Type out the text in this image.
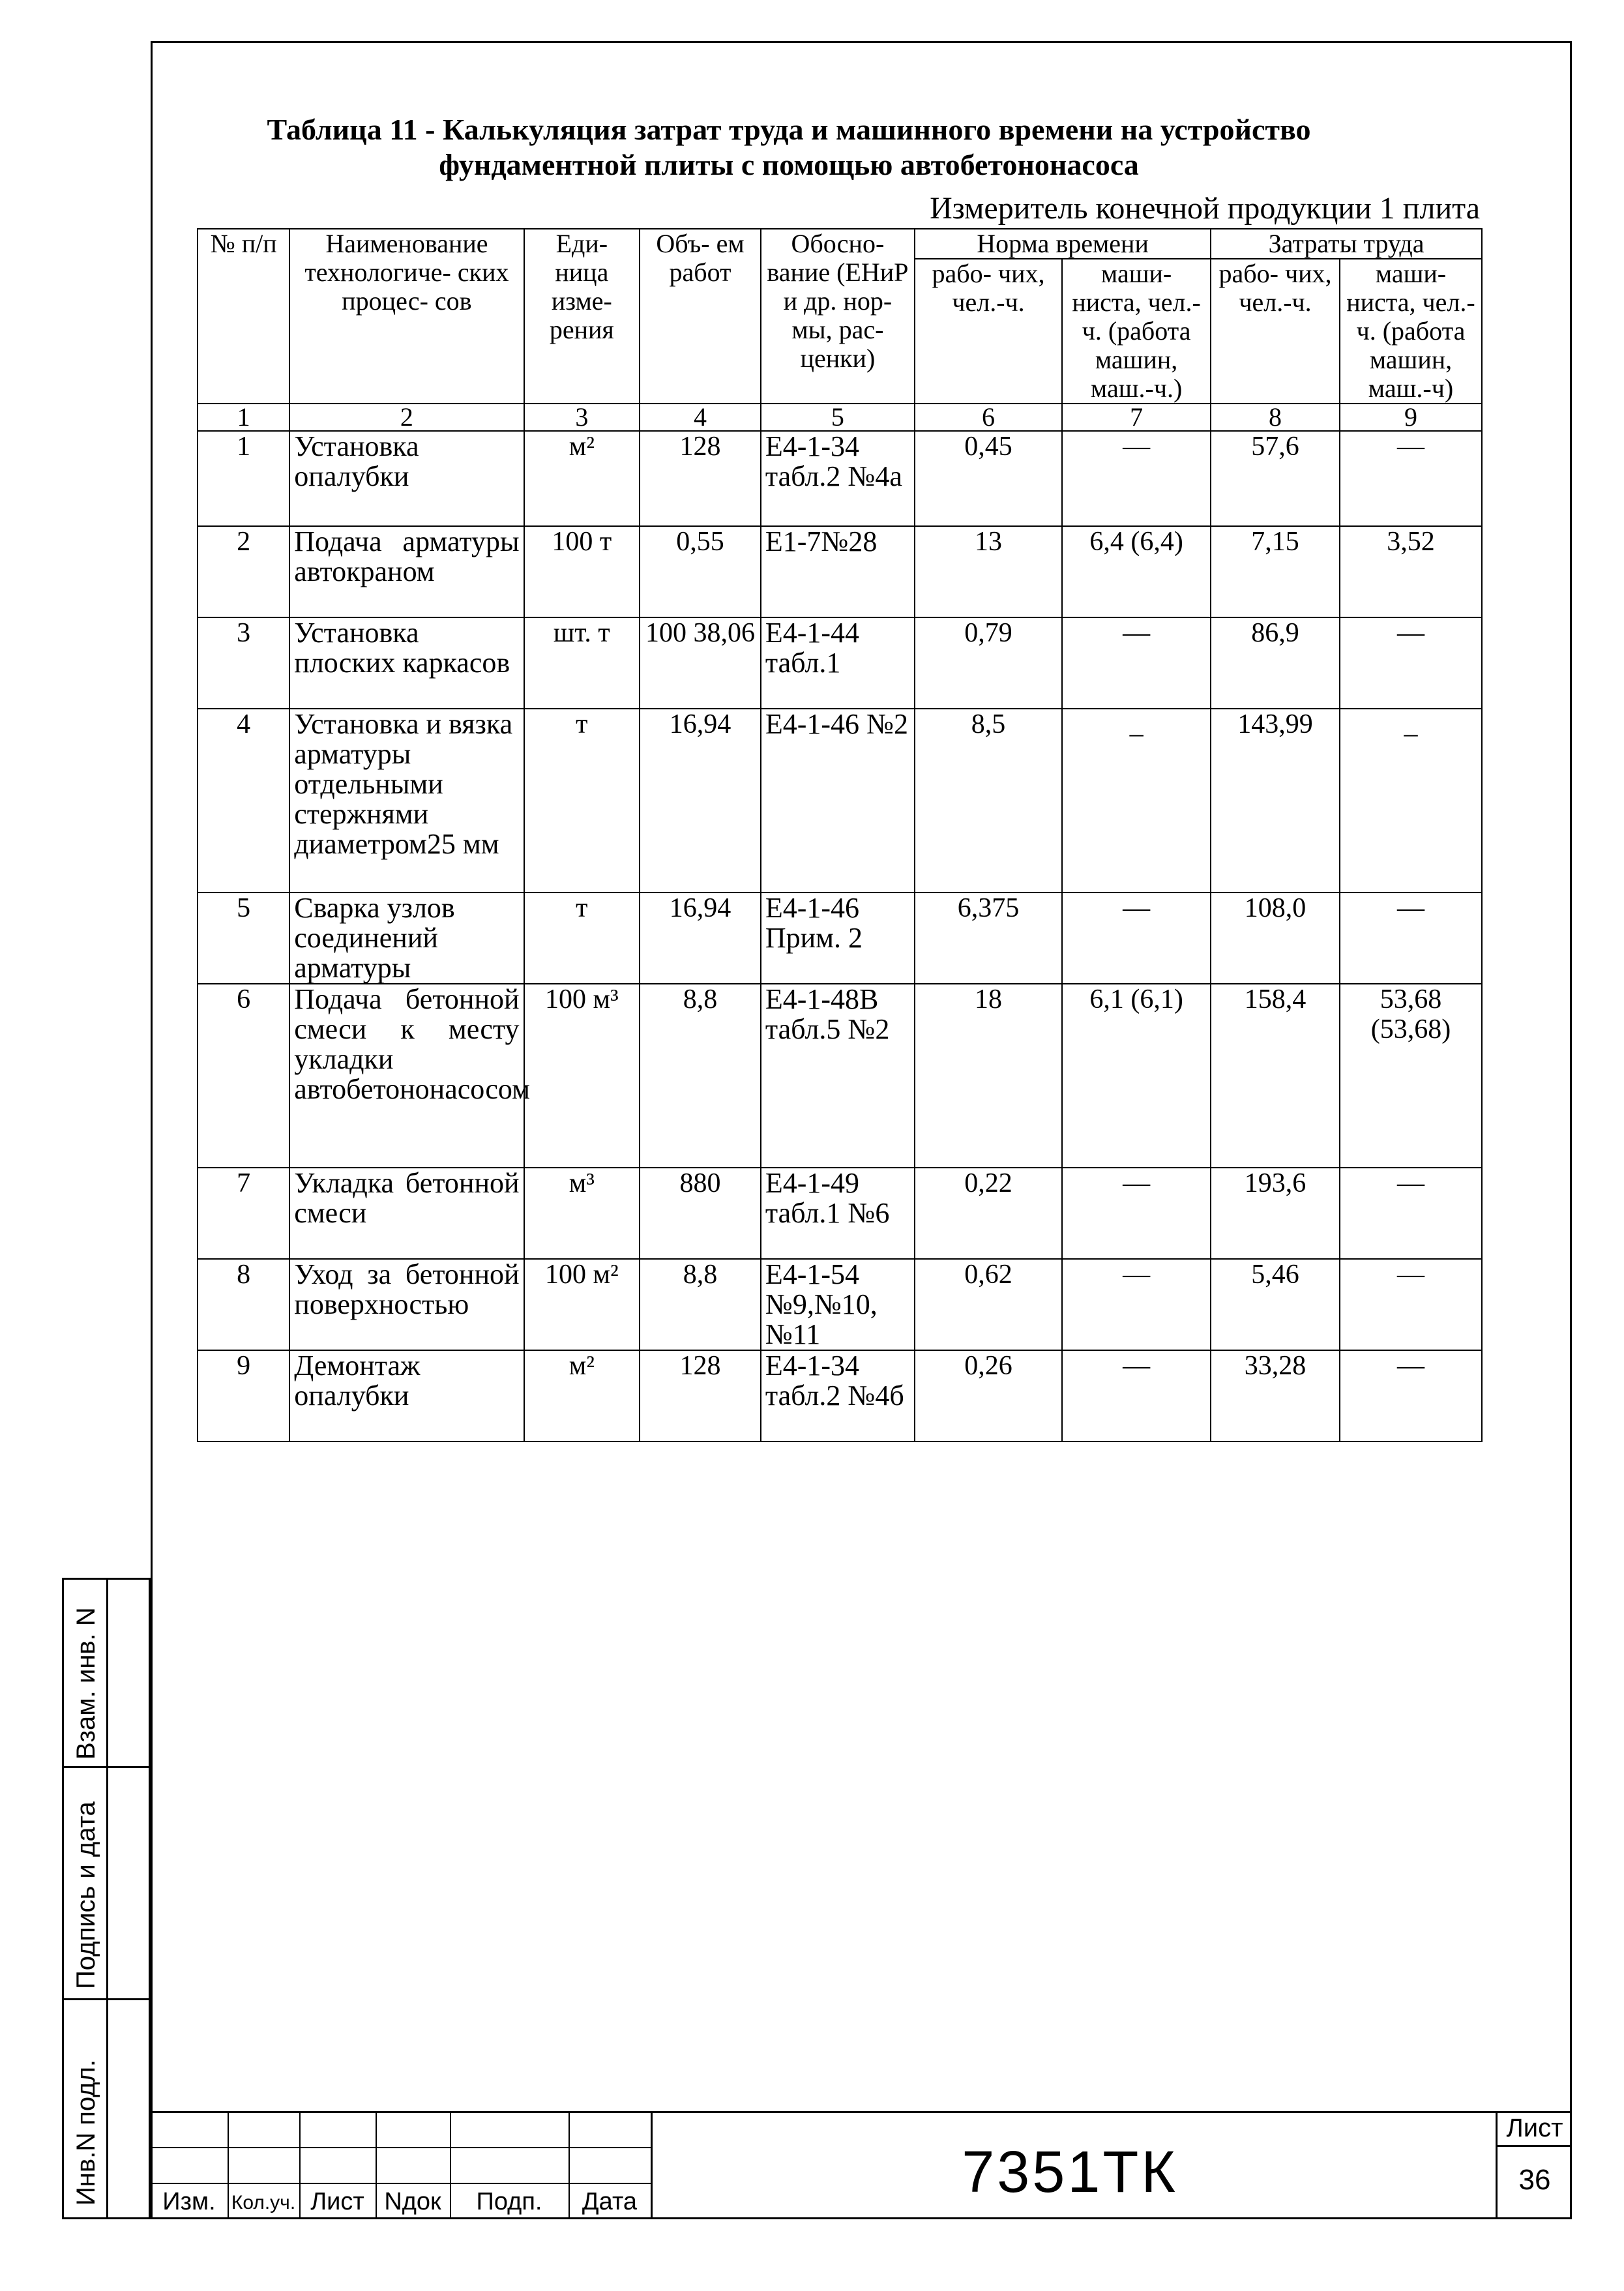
Таблица 11 - Калькуляция затрат труда и машинного времени на устройство
фундаментной плиты с помощью автобетононасоса
Измеритель конечной продукции 1 плита
№ п/п	Наименование технологиче- ских процес- сов	Еди- ница изме- рения	Объ- ем работ	Обосно- вание (ЕНиР и др. нор- мы, рас- ценки)	Норма времени		Затраты труда	
					рабо- чих, чел.-ч.	маши- ниста, чел.-ч. (работа машин, маш.-ч.)	рабо- чих, чел.-ч.	маши- ниста, чел.-ч. (работа машин, маш.-ч)
1	2	3	4	5	6	7	8	9
1	Установка опалубки	м²	128	Е4-1-34 табл.2 №4а	0,45	—	57,6	—
2	Подача арматуры автокраном	100 т	0,55	Е1-7№28	13	6,4 (6,4)	7,15	3,52
3	Установка плоских каркасов	шт. т	100 38,06	Е4-1-44 табл.1	0,79	—	86,9	—
4	Установка и вязка арматуры отдельными стержнями диаметром25 мм	т	16,94	Е4-1-46 №2	8,5	_	143,99	_
5	Сварка узлов соединений арматуры	т	16,94	Е4-1-46 Прим. 2	6,375	—	108,0	—
6	Подача бетонной смеси к месту укладки автобетононасосом	100 м³	8,8	Е4-1-48В табл.5 №2	18	6,1 (6,1)	158,4	53,68 (53,68)
7	Укладка бетонной смеси	м³	880	Е4-1-49 табл.1 №6	0,22	—	193,6	—
8	Уход за бетонной поверхностью	100 м²	8,8	Е4-1-54 №9,№10, №11	0,62	—	5,46	—
9	Демонтаж опалубки	м²	128	Е4-1-34 табл.2 №4б	0,26	—	33,28	—
Взам. инв. N
Подпись и дата
Инв.N подл.	Изм. Кол.уч. Лист Nдок	Подп.	Дата	7351ТК
Лист
36
